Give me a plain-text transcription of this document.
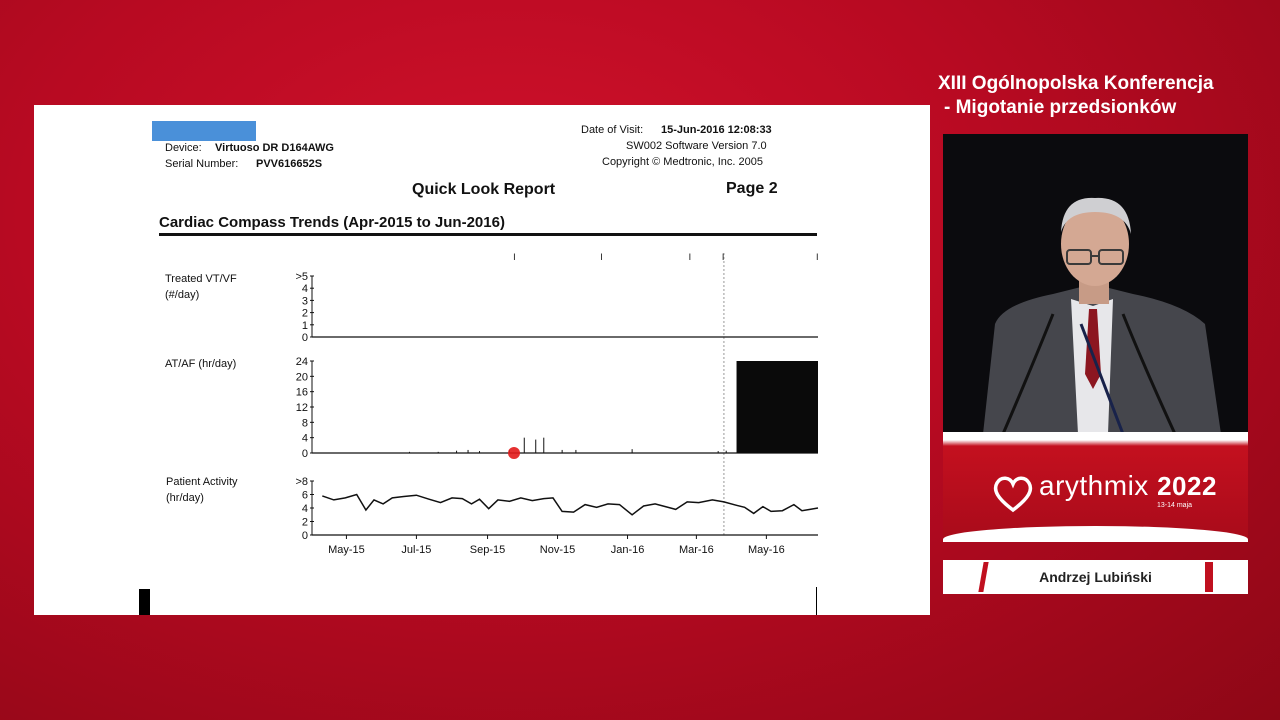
XIII Ogólnopolska Konferencja

- Migotanie przedsionków
Device: Virtuoso DR D164AWG
Serial Number: PVV616652S
Date of Visit: 15-Jun-2016 12:08:33
SW002 Software Version 7.0
Copyright © Medtronic, Inc. 2005
Quick Look Report	Page 2
Cardiac Compass Trends (Apr-2015 to Jun-2016)
Treated VT/VF
(#/day)
AT/AF (hr/day)
Patient Activity
(hr/day)
I	I	I	I	I
>5
4
3
2
1
0
24
20
16
12
8
4
0
>8
6
4
2
0
May-15	Jul-15	Sep-15	Nov-15	Jan-16	Mar-16	May-16
arythmix 2022
13-14 maja
Andrzej Lubiński
